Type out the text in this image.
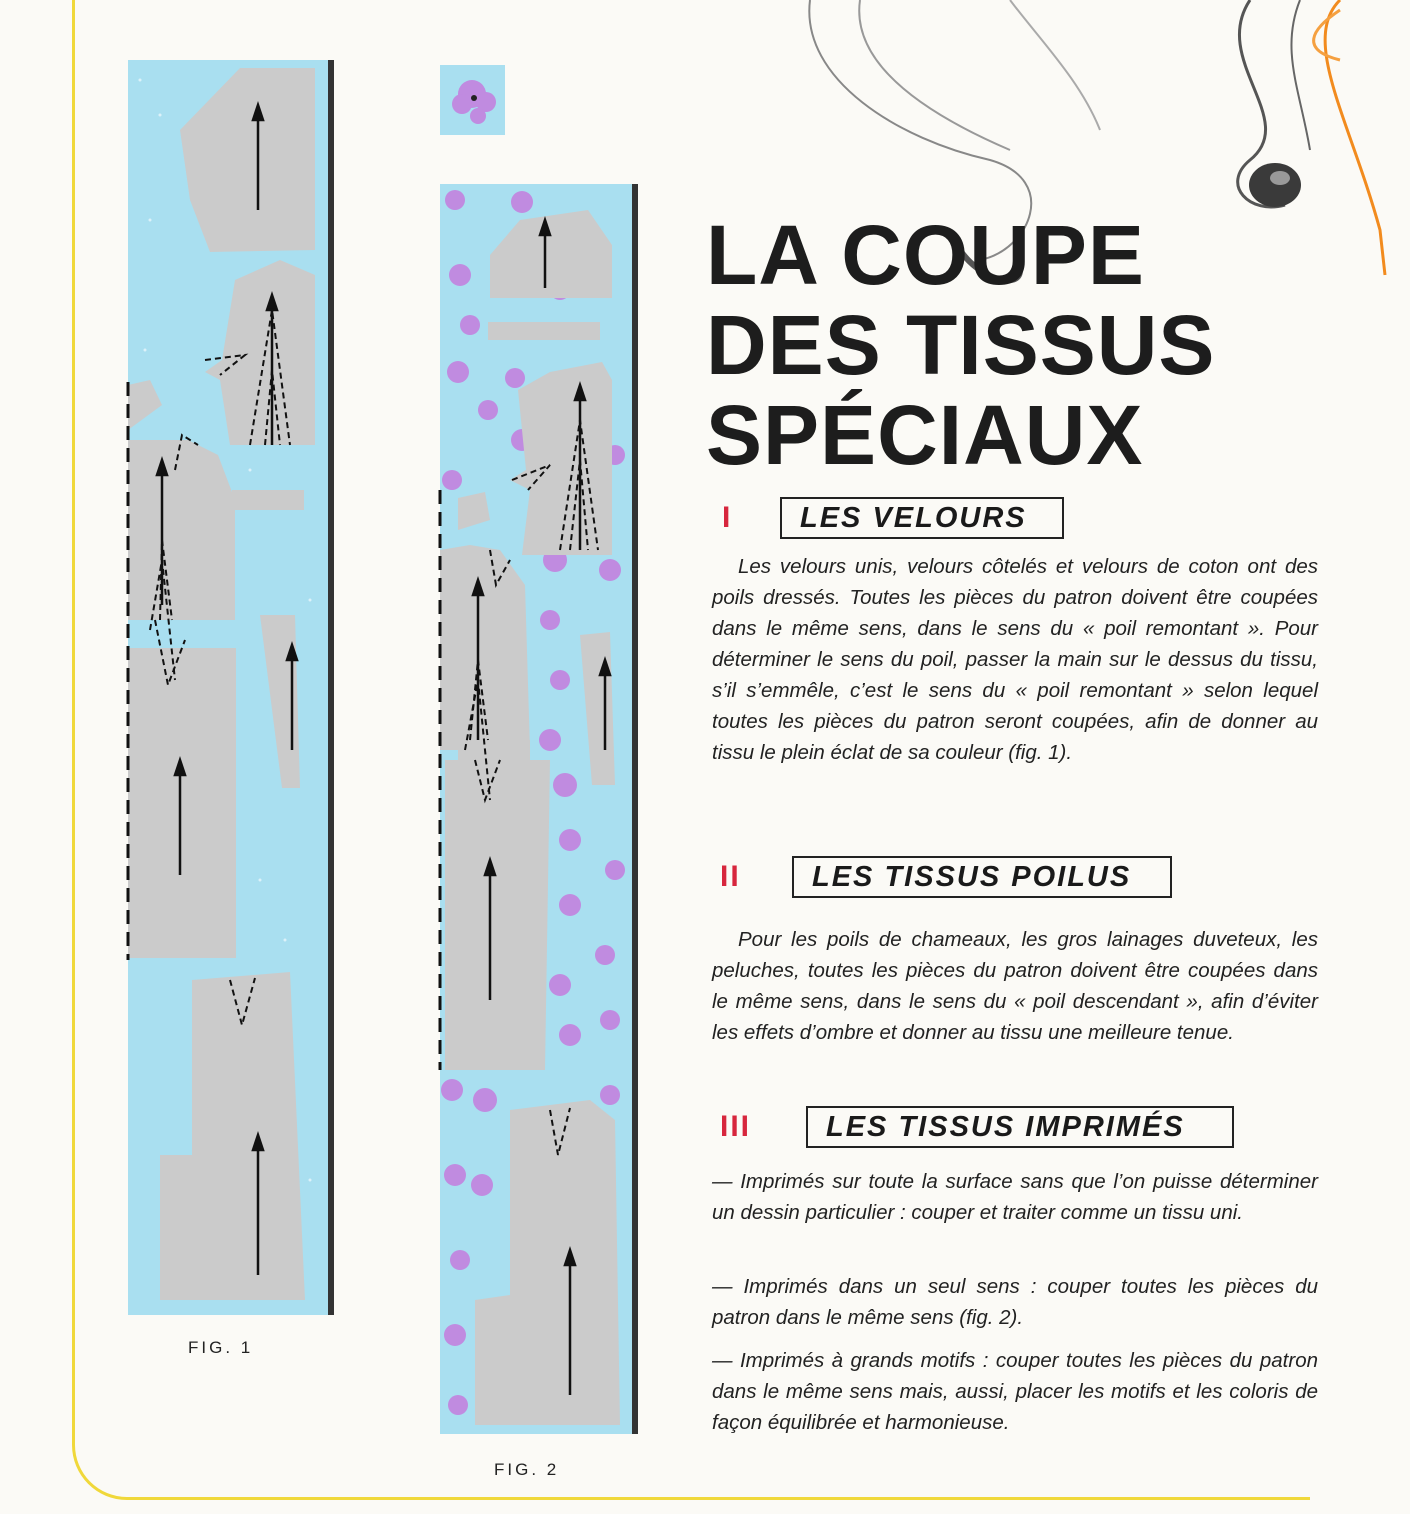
FIG. 1
FIG. 2
LA COUPE
DES TISSUS
SPÉCIAUX
I	LES VELOURS

Les velours unis, velours côtelés et velours de coton ont des poils dressés. Toutes les pièces du patron doivent être coupées dans le même sens, dans le sens du « poil remontant ». Pour déterminer le sens du poil, passer la main sur le dessus du tissu, s’il s’emmêle, c’est le sens du « poil remontant » selon lequel toutes les pièces du patron seront coupées, afin de donner au tissu le plein éclat de sa couleur (fig. 1).

II	LES TISSUS POILUS

Pour les poils de chameaux, les gros lainages duveteux, les peluches, toutes les pièces du patron doivent être coupées dans le même sens, dans le sens du « poil descendant », afin d’éviter les effets d’ombre et donner au tissu une meilleure tenue.

III	LES TISSUS IMPRIMÉS

— Imprimés sur toute la surface sans que l’on puisse déterminer un dessin particulier : couper et traiter comme un tissu uni.

— Imprimés dans un seul sens : couper toutes les pièces du patron dans le même sens (fig. 2).

— Imprimés à grands motifs : couper toutes les pièces du patron dans le même sens mais, aussi, placer les motifs et les coloris de façon équilibrée et harmonieuse.
